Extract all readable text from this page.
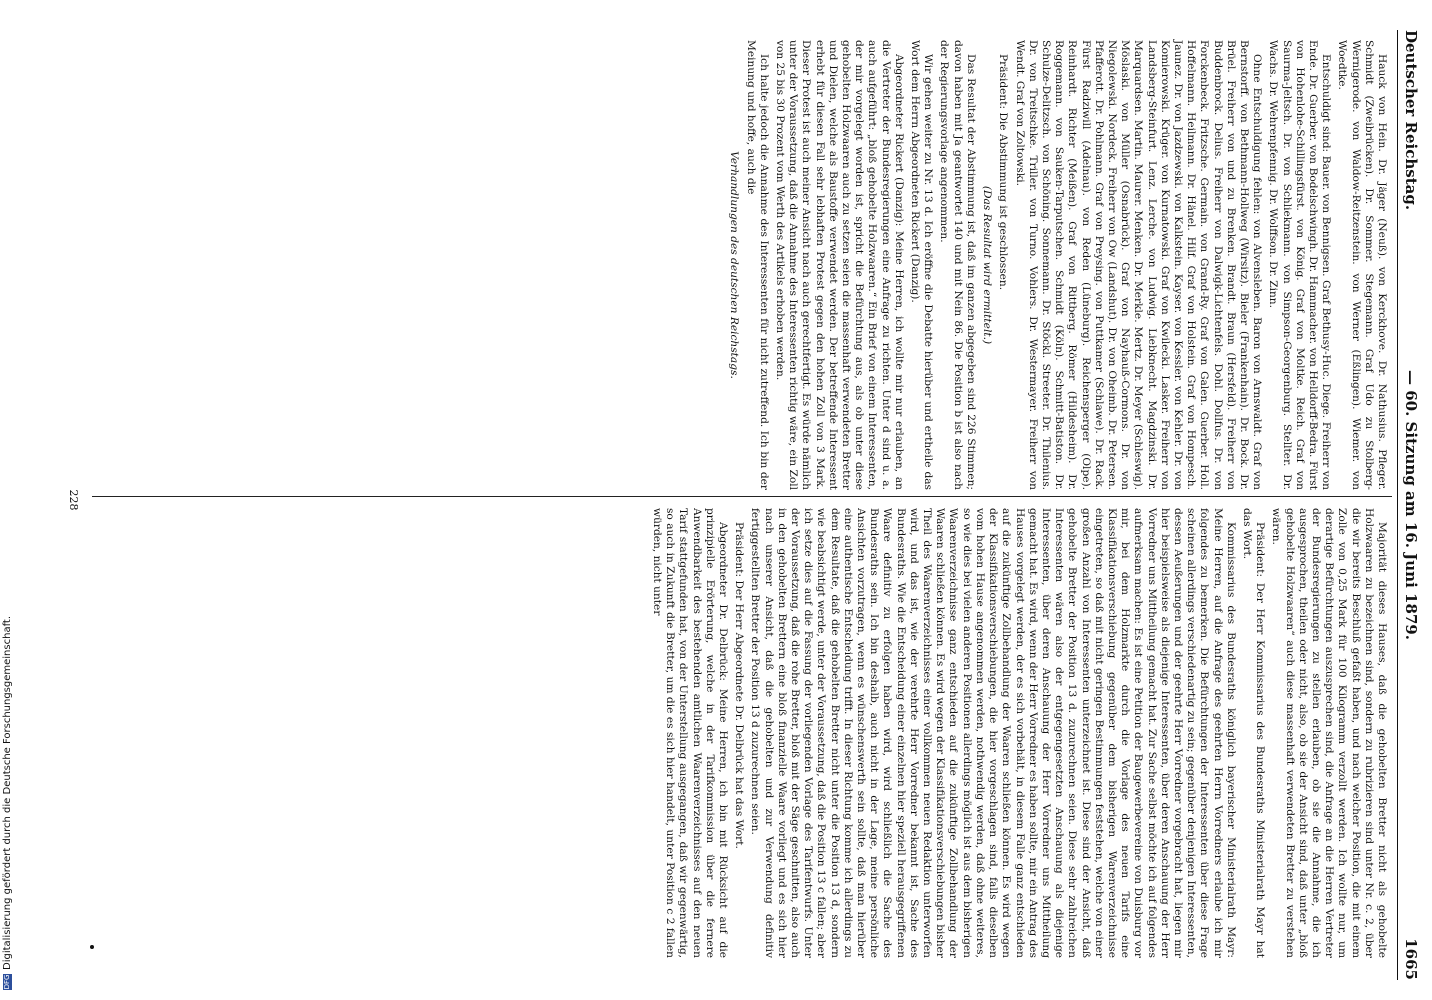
DFGDigitalisierung gefördert durch die Deutsche Forschungsgemeinschaft.
Deutscher Reichstag.
— 60. Sitzung am 16. Juni 1879.
1665

Hauck von Hein. Dr. Jäger (Neuß). von Kerckhove. Dr. Nathusius. Pfleger. Schmidt (Zweibrücken). Dr. Sommer. Stegemann. Graf Udo zu Stolberg-Wernigerode. von Waldow-Reitzenstein. von Werner (Eßlingen). Wiemer. von Woedtke.

Entschuldigt sind: Bauer. von Bennigsen. Graf Bethusy-Huc. Diege. Freiherr von Ende. Dr. Guerber. von Bodelschwingh. Dr. Hammacher. von Helldorff-Bedra. Fürst von Hohenlohe-Schillingsfürst. von König. Graf von Moltke. Reich. Graf von Saurma-Jeltsch. Dr. von Schliekmann. von Simpson-Georgenburg. Stellter. Dr. Wachs. Dr. Wehrenpfennig. Dr. Wolffson. Dr. Zinn.

Ohne Entschuldigung fehlen: von Alvensleben. Baron von Arnswaldt. Graf von Bernstorff. von Bethmann-Hollweg (Wirsitz). Bieler (Frankenhain). Dr. Bock. Dr. Brüel. Freiherr von und zu Brenken. Brandt. Braun (Hersfeld). Freiherr von Buddenbrock. Delius. Freiherr von Dalwigk-Lichtenfels. Dohl. Dollfus. Dr. von Forckenbeck. Fritzsche. Germain. von Grand-Ry. Graf von Galen. Guerber. Holl. Hoffelmann. Heilmann. Dr. Hänel. Hilf. Graf von Holstein. Graf von Hompesch. Jaunez. Dr. von Jazdzewski. von Kalkstein. Kayser. von Kessler. von Kehler. Dr. von Komierowski. Krüger. von Kurnatowski. Graf von Kwilecki. Lasker. Freiherr von Landsberg-Steinfurt. Lenz. Lerche. von Ludwig. Liebknecht. Magdzinski. Dr. Marquardsen. Martin. Maurer. Menken. Dr. Merkle. Mertz. Dr. Meyer (Schleswig). Möslaski. von Müller (Osnabrück). Graf von Nayhauß-Cormons. Dr. von Niegolewski. Nordeck. Freiherr von Ow (Landshut). Dr. von Oheimb. Dr. Petersen. Pfafferott. Dr. Pohlmann. Graf von Preysing. von Puttkamer (Schlawe). Dr. Rack. Fürst Radziwill (Adelnau). von Reden (Lüneburg). Reichensperger (Olpe). Reinhardt. Richter (Meißen). Graf von Rittberg. Römer (Hildesheim). Dr. Roggemann. von Sauken-Tarputschen. Schmidt (Köln). Schmitt-Batiston. Dr. Schulze-Delitzsch. von Schöning. Sonnemann. Dr. Stöckl. Streeter. Dr. Thilenius. Dr. von Treitschke. Triller. von Turno. Vohlers. Dr. Westermayer. Freiherr von Wendt. Graf von Zoltowski.

Präsident: Die Abstimmung ist geschlossen.

(Das Resultat wird ermittelt.)

Das Resultat der Abstimmung ist, daß im ganzen abgegeben sind 226 Stimmen; davon haben mit Ja geantwortet 140 und mit Nein 86. Die Position b ist also nach der Regierungsvorlage angenommen.

Wir gehen weiter zu Nr. 13 d. Ich eröffne die Debatte hierüber und ertheile das Wort dem Herrn Abgeordneten Rickert (Danzig).

Abgeordneter Rickert (Danzig): Meine Herren, ich wollte mir nur erlauben, an die Vertreter der Bundesregierungen eine Anfrage zu richten. Unter d sind u. a. auch aufgeführt: „bloß gehobelte Holzwaaren.“ Ein Brief von einem Interessenten, der mir vorgelegt worden ist, spricht die Befürchtung aus, als ob unter diese gehobelten Holzwaaren auch zu setzen seien die massenhaft verwendeten Bretter und Dielen, welche als Baustoffe verwendet werden. Der betreffende Interessent erhebt für diesen Fall sehr lebhaften Protest gegen den hohen Zoll von 3 Mark. Dieser Protest ist auch meiner Ansicht nach auch gerechtfertigt. Es würde nämlich unter der Voraussetzung, daß die Annahme des Interessenten richtig wäre, ein Zoll von 25 bis 30 Prozent vom Werth des Artikels erhoben werden.

Ich halte jedoch die Annahme des Interessenten für nicht zutreffend. Ich bin der Meinung und hoffe, auch die

Verhandlungen des deutschen Reichstags.

Majorität dieses Hauses, daß die gehobelten Bretter nicht als gehobelte Holzwaaren zu bezeichnen sind, sondern zu rubrizieren sind unter Nr. c. 2, über die wir bereits Beschluß gefaßt haben, und nach welcher Position, die mit einem Zolle von 0,25 Mark für 100 Kilogramm verzollt werden. Ich wollte nur, um derartige Befürchtungen auszusprechen sind, die Anfrage an die Herren Vertreter der Bundesregierungen zu stellen erlauben, ob sie die Annahme, die ich ausgesprochen, theilen oder nicht, also, ob sie der Ansicht sind, daß unter „bloß gehobelte Holzwaaren“ auch diese massenhaft verwendeten Bretter zu verstehen wären.

Präsident: Der Herr Kommissarius des Bundesraths Ministerialrath Mayr hat das Wort.

Kommissarius des Bundesraths königlich bayerischer Ministerialrath Mayr: Meine Herren, auf die Anfrage des geehrten Herrn Vorredners erlaube ich mir folgendes zu bemerken. Die Befürchtungen der Interessenten über diese Frage scheinen allerdings verschiedenartig zu sein; gegenüber denjenigen Interessenten, dessen Aeußerungen und der geehrte Herr Vorredner vorgebracht hat, liegen mir hier beispielsweise als diejenige Interessenten, über deren Anschauung der Herr Vorredner uns Mittheilung gemacht hat. Zur Sache selbst möchte ich auf folgendes aufmerksam machen: Es ist eine Petition der Baugewerbevereine von Duisburg vor mir, bei dem Holzmarkte durch die Vorlage des neuen Tarifs eine Klassifikationsverschiebung gegenüber dem bisherigen Warenverzeichnisse eingetreten, so daß mit nicht geringen Bestimmungen feststehen, welche von einer großen Anzahl von Interessenten unterzeichnet ist. Diese sind der Ansicht, daß gehobelte Bretter der Position 13 d. zuzurechnen seien. Diese sehr zahlreichen Interessenten wären also der entgegengesetzten Anschauung als diejenige Interessenten, über deren Anschauung der Herr Vorredner uns Mittheilung gemacht hat. Es wird, wenn der Herr Vorredner es haben sollte, mir ein Antrag des Hauses vorgelegt werden, der es sich vorbehält, in diesem Falle ganz entschieden auf die zukünftige Zollbehandlung der Waaren schließen können. Es wird wegen der Klassifikationsverschiebungen, die hier vorgeschlagen sind, falls dieselben vom hohen Hause angenommen werden, nothwendig werden, daß ohne weiteres, so wie dies bei vielen anderen Positionen allerdings möglich ist aus dem bisherigen Waarenverzeichnisse ganz entschieden auf die zukünftige Zollbehandlung der Waaren schließen können. Es wird wegen der Klassifikationsverschiebungen bisher Theil des Waarenverzeichnisses einer vollkommen neuen Redaktion unterworfen wird, und das ist, wie der verehrte Herr Vorredner bekannt ist, Sache des Bundesraths. Wie die Entscheidung einer einzelnen hier speziell herausgegriffenen Waare definitiv zu erfolgen haben wird, wird schließlich die Sache des Bundesraths sein. Ich bin deshalb, auch nicht in der Lage, meine persönliche Ansichten vorzutragen, wenn es wünschenswerth sein sollte, daß man hierüber eine authentische Entscheidung trifft. In dieser Richtung komme ich allerdings zu dem Resultate, daß die gehobelten Bretter nicht unter die Position 13 d, sondern wie beabsichtigt werde, unter der Voraussetzung, daß die Position 13 c fallen; aber ich setze dies auf die Fassung der vorliegenden Vorlage des Tarifentwurfs. Unter der Voraussetzung, daß die rohe Bretter, bloß mit der Säge geschnitten, also auch in den gehobelten Brettern eine bloß finanzielle Waare vorliegt und es sich hier nach unserer Ansicht, daß die gehobelten und zur Verwendung definitiv fertiggestellten Bretter der Position 13 d zuzurechnen seien.

Präsident: Der Herr Abgeordnete Dr. Delbrück hat das Wort.

Abgeordneter Dr. Delbrück: Meine Herren, ich bin mit Rücksicht auf die prinzipielle Erörterung, welche in der Tarifkommission über die fernere Anwendbarkeit des bestehenden amtlichen Waarenverzeichnisses auf den neuen Tarif stattgefunden hat, von der Unterstellung ausgegangen, daß wir gegenwärtig, so auch in Zukunft die Bretter, um die es sich hier handelt, unter Position c 2 fallen würden, nicht unter

228
